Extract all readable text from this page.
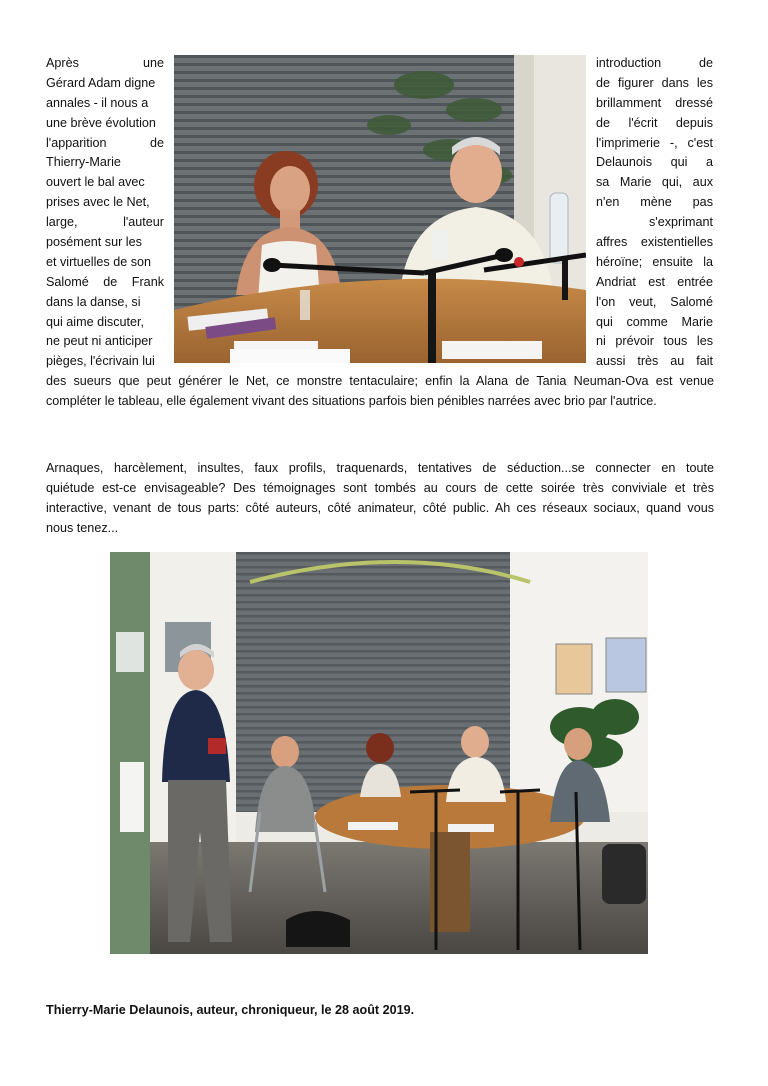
Après une
Gérard Adam digne
annales - il nous a
une brève évolution
l'apparition de
Thierry-Marie
ouvert le bal avec
prises avec le Net,
large, l'auteur
posément sur les
et virtuelles de son
Salomé de Frank
dans la danse, si
qui aime discuter,
ne peut ni anticiper
pièges, l'écrivain lui
introduction de
de figurer dans les
brillamment dressé
de l'écrit depuis
l'imprimerie -, c'est
Delaunois qui a
sa Marie qui, aux
n'en mène pas
s'exprimant
affres existentielles
héroïne; ensuite la
Andriat est entrée
l'on veut, Salomé
qui comme Marie
ni prévoir tous les
aussi très au fait
des sueurs que peut générer le Net, ce monstre tentaculaire; enfin la Alana de Tania Neuman-Ova est venue
compléter le tableau, elle également vivant des situations parfois bien pénibles narrées avec brio par l'autrice.
Arnaques, harcèlement, insultes, faux profils, traquenards, tentatives de séduction...se connecter en toute
quiétude est-ce envisageable? Des témoignages sont tombés au cours de cette soirée très conviviale et très
interactive, venant de tous parts: côté auteurs, côté animateur, côté public. Ah ces réseaux sociaux, quand vous
nous tenez...
Thierry-Marie Delaunois, auteur, chroniqueur, le 28 août 2019.
